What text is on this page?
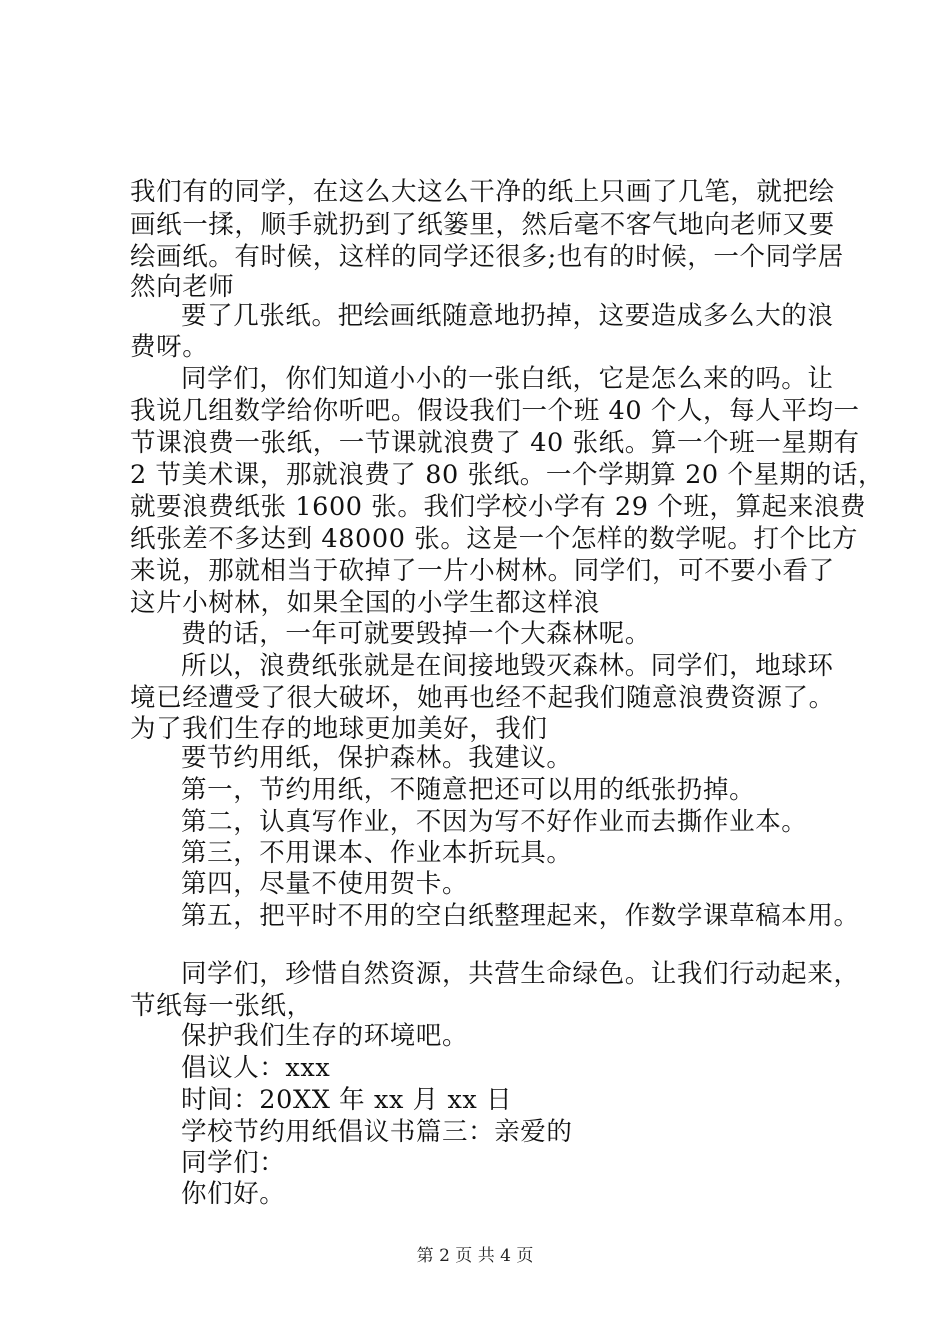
我们有的同学，在这么大这么干净的纸上只画了几笔，就把绘
画纸一揉，顺手就扔到了纸篓里，然后毫不客气地向老师又要
绘画纸。有时候，这样的同学还很多;也有的时候，一个同学居
然向老师
要了几张纸。把绘画纸随意地扔掉，这要造成多么大的浪
费呀。
同学们，你们知道小小的一张白纸，它是怎么来的吗。让
我说几组数学给你听吧。假设我们一个班 40 个人，每人平均一
节课浪费一张纸，一节课就浪费了 40 张纸。算一个班一星期有
2 节美术课，那就浪费了 80 张纸。一个学期算 20 个星期的话，
就要浪费纸张 1600 张。我们学校小学有 29 个班，算起来浪费
纸张差不多达到 48000 张。这是一个怎样的数学呢。打个比方
来说，那就相当于砍掉了一片小树林。同学们，可不要小看了
这片小树林，如果全国的小学生都这样浪
费的话，一年可就要毁掉一个大森林呢。
所以，浪费纸张就是在间接地毁灭森林。同学们，地球环
境已经遭受了很大破坏，她再也经不起我们随意浪费资源了。
为了我们生存的地球更加美好，我们
要节约用纸，保护森林。我建议。
第一，节约用纸，不随意把还可以用的纸张扔掉。
第二，认真写作业，不因为写不好作业而去撕作业本。
第三，不用课本、作业本折玩具。
第四，尽量不使用贺卡。
第五，把平时不用的空白纸整理起来，作数学课草稿本用。
同学们，珍惜自然资源，共营生命绿色。让我们行动起来，
节纸每一张纸，
保护我们生存的环境吧。
倡议人：xxx
时间：20XX 年 xx 月 xx 日
学校节约用纸倡议书篇三：亲爱的
同学们：
你们好。
第 2 页 共 4 页
